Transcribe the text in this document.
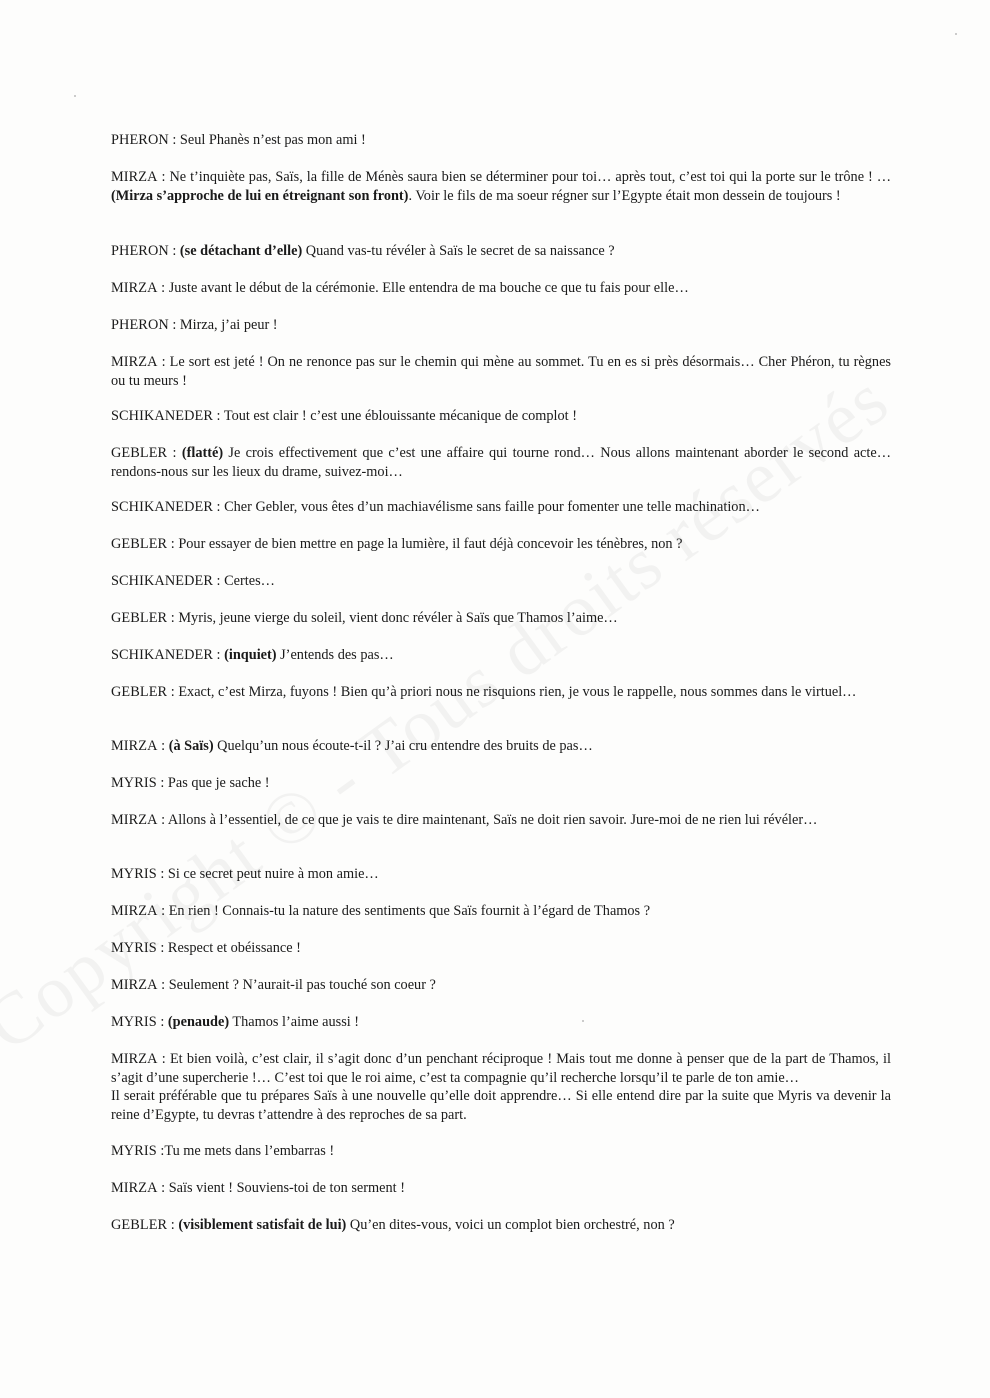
PHERON : Seul Phanès n’est pas mon ami !

MIRZA : Ne t’inquiète pas, Saïs, la fille de Ménès saura bien se déterminer pour toi… après tout, c’est toi qui la porte sur le trône ! … (Mirza s’approche de lui en étreignant son front). Voir le fils de ma soeur régner sur l’Egypte était mon dessein de toujours !

PHERON : (se détachant d’elle) Quand vas-tu révéler à Saïs le secret de sa naissance ?

MIRZA : Juste avant le début de la cérémonie. Elle entendra de ma bouche ce que tu fais pour elle…

PHERON : Mirza, j’ai peur !

MIRZA : Le sort est jeté ! On ne renonce pas sur le chemin qui mène au sommet. Tu en es si près désormais… Cher Phéron, tu règnes ou tu meurs !

SCHIKANEDER : Tout est clair ! c’est une éblouissante mécanique de complot !

GEBLER : (flatté) Je crois effectivement que c’est une affaire qui tourne rond… Nous allons maintenant aborder le second acte… rendons-nous sur les lieux du drame, suivez-moi…

SCHIKANEDER : Cher Gebler, vous êtes d’un machiavélisme sans faille pour fomenter une telle machination…

GEBLER : Pour essayer de bien mettre en page la lumière, il faut déjà concevoir les ténèbres, non ?

SCHIKANEDER : Certes…

GEBLER : Myris, jeune vierge du soleil, vient donc révéler à Saïs que Thamos l’aime…

SCHIKANEDER : (inquiet) J’entends des pas…

GEBLER : Exact, c’est Mirza, fuyons ! Bien qu’à priori nous ne risquions rien, je vous le rappelle, nous sommes dans le virtuel…

MIRZA : (à Saïs) Quelqu’un nous écoute-t-il ? J’ai cru entendre des bruits de pas…

MYRIS : Pas que je sache !

MIRZA : Allons à l’essentiel, de ce que je vais te dire maintenant, Saïs ne doit rien savoir. Jure-moi de ne rien lui révéler…

MYRIS : Si ce secret peut nuire à mon amie…

MIRZA : En rien ! Connais-tu la nature des sentiments que Saïs fournit à l’égard de Thamos ?

MYRIS : Respect et obéissance !

MIRZA : Seulement ? N’aurait-il pas touché son coeur ?

MYRIS : (penaude) Thamos l’aime aussi !

MIRZA : Et bien voilà, c’est clair, il s’agit donc d’un penchant réciproque ! Mais tout me donne à penser que de la part de Thamos, il s’agit d’une supercherie !… C’est toi que le roi aime, c’est ta compagnie qu’il recherche lorsqu’il te parle de ton amie…

Il serait préférable que tu prépares Saïs à une nouvelle qu’elle doit apprendre… Si elle entend dire par la suite que Myris va devenir la reine d’Egypte, tu devras t’attendre à des reproches de sa part.

MYRIS :Tu me mets dans l’embarras !

MIRZA : Saïs vient ! Souviens-toi de ton serment !

GEBLER : (visiblement satisfait de lui) Qu’en dites-vous, voici un complot bien orchestré, non ?
